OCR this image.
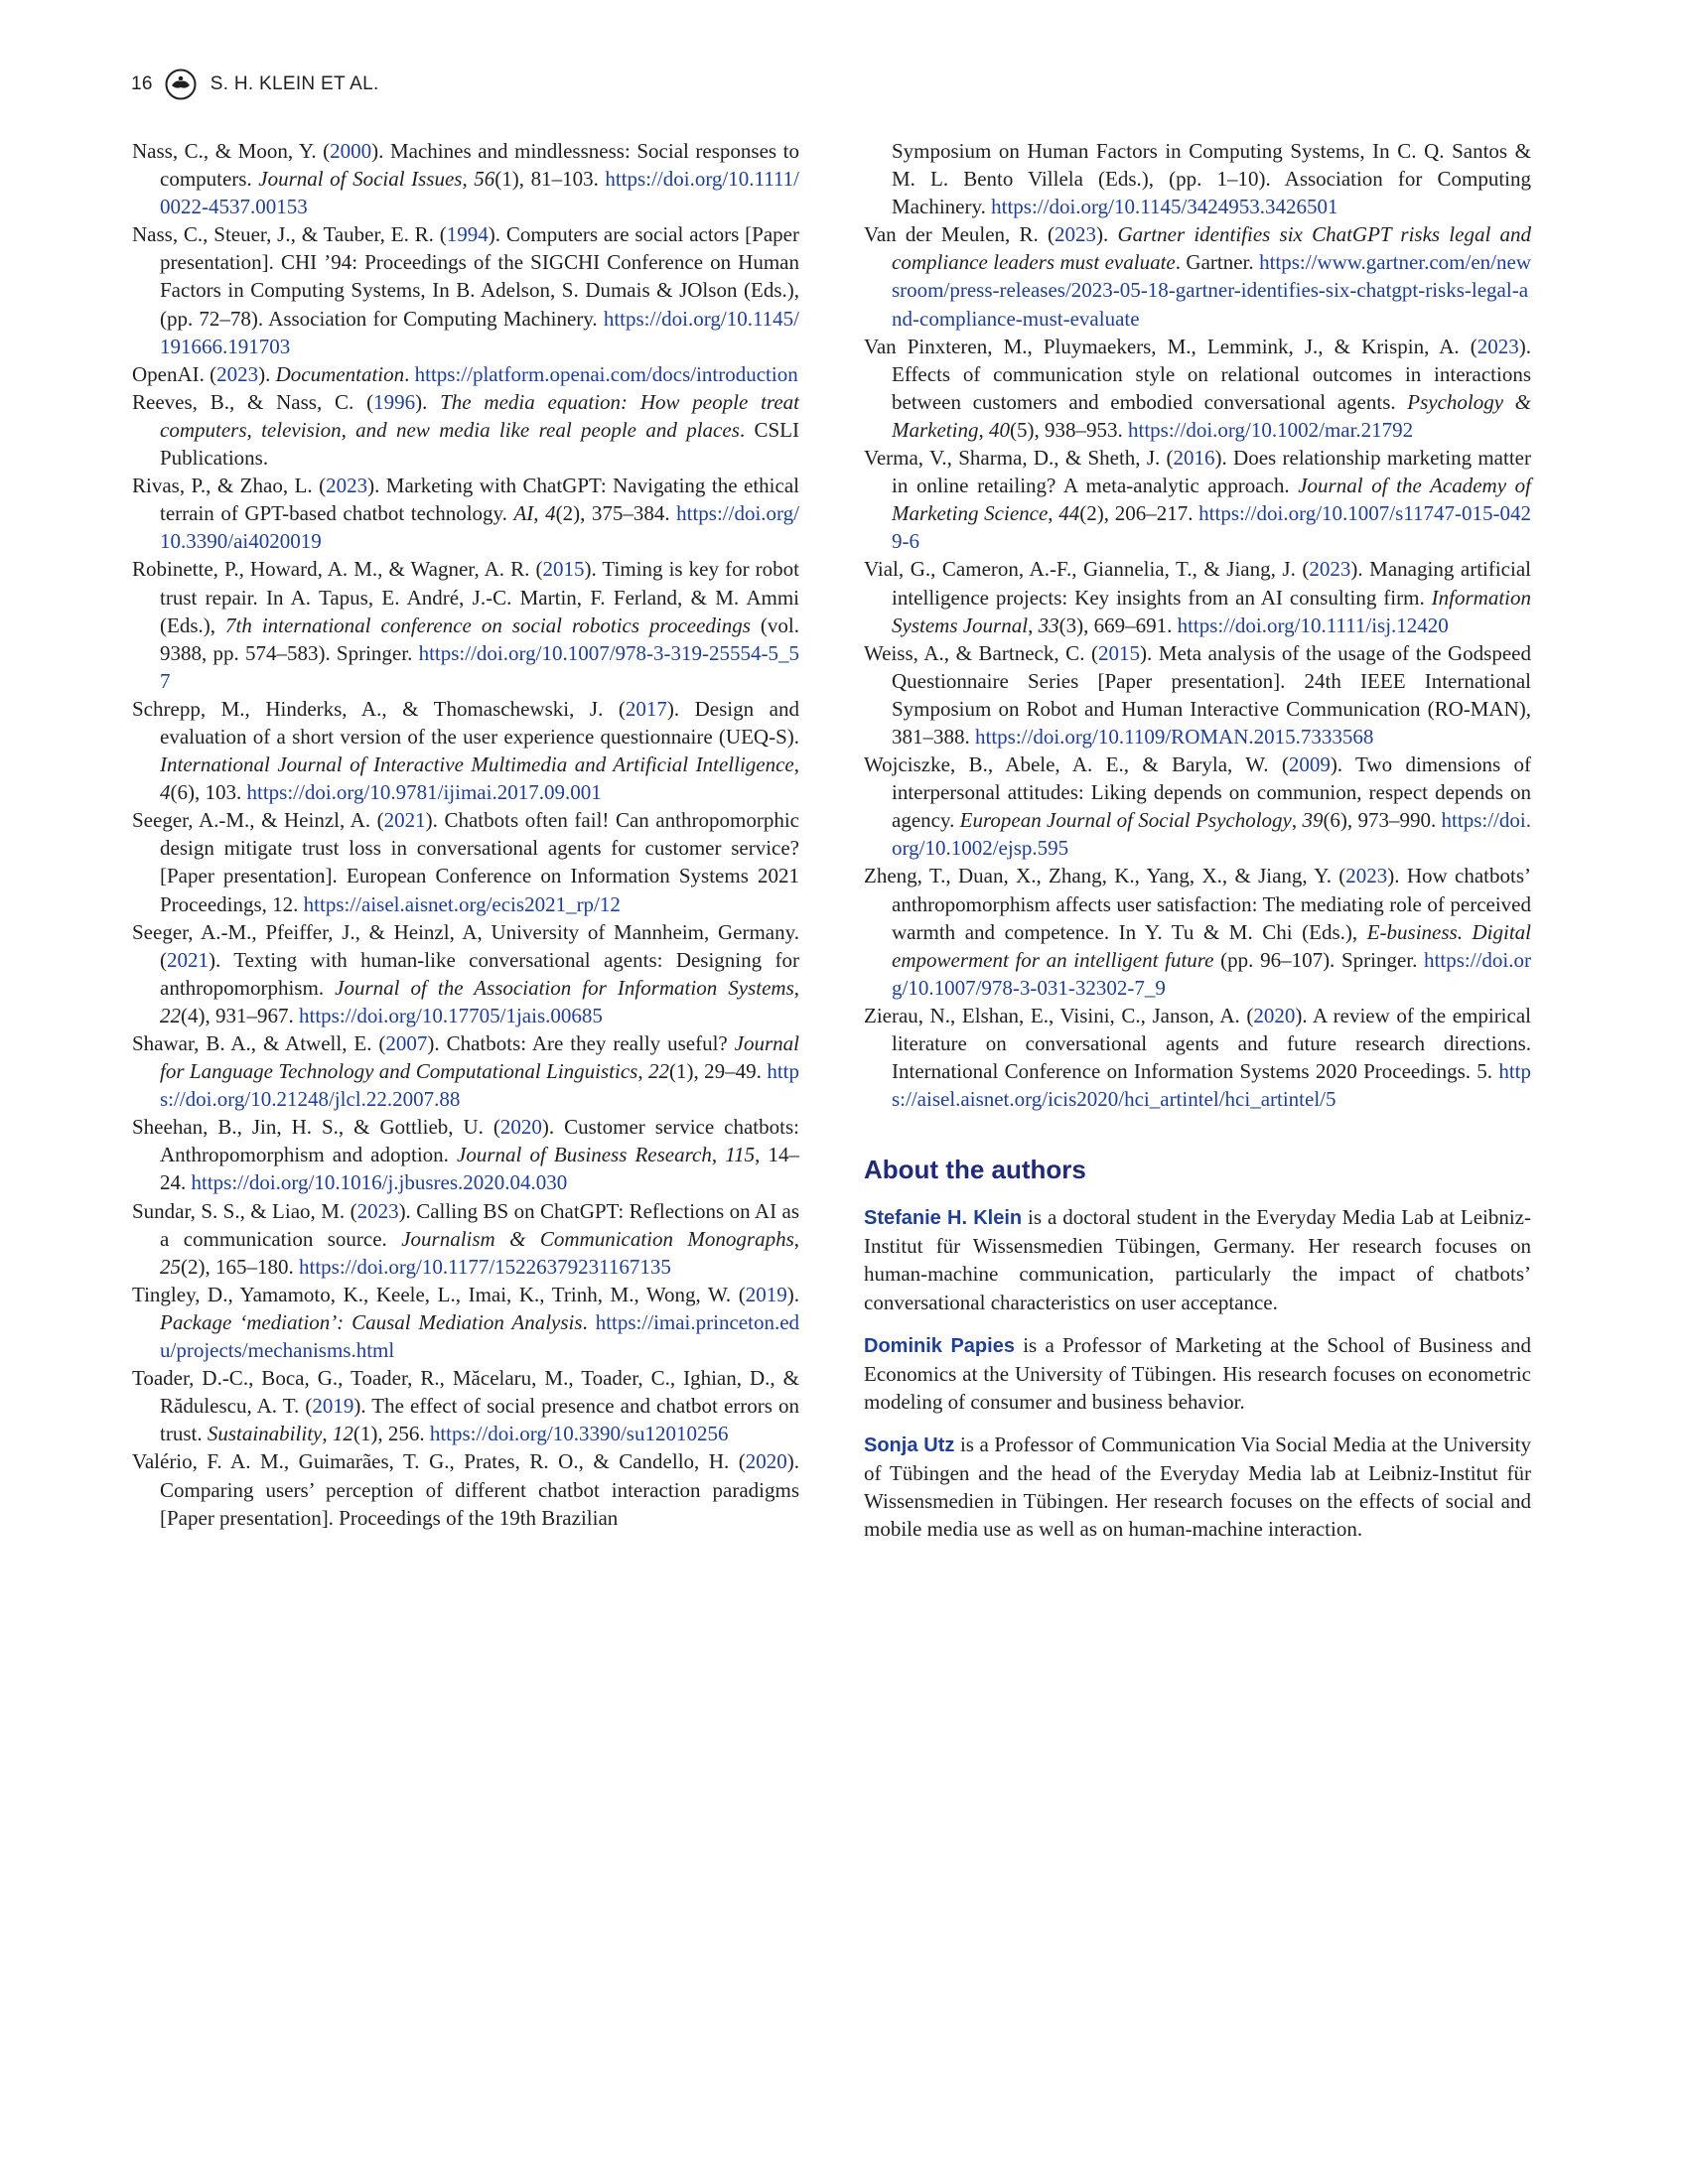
16	S. H. KLEIN ET AL.

Nass, C., & Moon, Y. (2000). Machines and mindlessness: Social responses to computers. Journal of Social Issues, 56(1), 81–103. https://doi.org/10.1111/0022-4537.00153

Nass, C., Steuer, J., & Tauber, E. R. (1994). Computers are social actors [Paper presentation]. CHI ’94: Proceedings of the SIGCHI Conference on Human Factors in Computing Systems, In B. Adelson, S. Dumais & JOlson (Eds.), (pp. 72–78). Association for Computing Machinery. https://doi.org/10.1145/191666.191703

OpenAI. (2023). Documentation. https://platform.openai.com/docs/introduction

Reeves, B., & Nass, C. (1996). The media equation: How people treat computers, television, and new media like real people and places. CSLI Publications.

Rivas, P., & Zhao, L. (2023). Marketing with ChatGPT: Navigating the ethical terrain of GPT-based chatbot technology. AI, 4(2), 375–384. https://doi.org/10.3390/ai4020019

Robinette, P., Howard, A. M., & Wagner, A. R. (2015). Timing is key for robot trust repair. In A. Tapus, E. André, J.-C. Martin, F. Ferland, & M. Ammi (Eds.), 7th international conference on social robotics proceedings (vol. 9388, pp. 574–583). Springer. https://doi.org/10.1007/978-3-319-25554-5_57

Schrepp, M., Hinderks, A., & Thomaschewski, J. (2017). Design and evaluation of a short version of the user experience questionnaire (UEQ-S). International Journal of Interactive Multimedia and Artificial Intelligence, 4(6), 103. https://doi.org/10.9781/ijimai.2017.09.001

Seeger, A.-M., & Heinzl, A. (2021). Chatbots often fail! Can anthropomorphic design mitigate trust loss in conversational agents for customer service? [Paper presentation]. European Conference on Information Systems 2021 Proceedings, 12. https://aisel.aisnet.org/ecis2021_rp/12

Seeger, A.-M., Pfeiffer, J., & Heinzl, A, University of Mannheim, Germany. (2021). Texting with human-like conversational agents: Designing for anthropomorphism. Journal of the Association for Information Systems, 22(4), 931–967. https://doi.org/10.17705/1jais.00685

Shawar, B. A., & Atwell, E. (2007). Chatbots: Are they really useful? Journal for Language Technology and Computational Linguistics, 22(1), 29–49. https://doi.org/10.21248/jlcl.22.2007.88

Sheehan, B., Jin, H. S., & Gottlieb, U. (2020). Customer service chatbots: Anthropomorphism and adoption. Journal of Business Research, 115, 14–24. https://doi.org/10.1016/j.jbusres.2020.04.030

Sundar, S. S., & Liao, M. (2023). Calling BS on ChatGPT: Reflections on AI as a communication source. Journalism & Communication Monographs, 25(2), 165–180. https://doi.org/10.1177/15226379231167135

Tingley, D., Yamamoto, K., Keele, L., Imai, K., Trinh, M., Wong, W. (2019). Package ‘mediation’: Causal Mediation Analysis. https://imai.princeton.edu/projects/mechanisms.html

Toader, D.-C., Boca, G., Toader, R., Măcelaru, M., Toader, C., Ighian, D., & Rădulescu, A. T. (2019). The effect of social presence and chatbot errors on trust. Sustainability, 12(1), 256. https://doi.org/10.3390/su12010256

Valério, F. A. M., Guimarães, T. G., Prates, R. O., & Candello, H. (2020). Comparing users’ perception of different chatbot interaction paradigms [Paper presentation]. Proceedings of the 19th Brazilian

Symposium on Human Factors in Computing Systems, In C. Q. Santos & M. L. Bento Villela (Eds.), (pp. 1–10). Association for Computing Machinery. https://doi.org/10.1145/3424953.3426501

Van der Meulen, R. (2023). Gartner identifies six ChatGPT risks legal and compliance leaders must evaluate. Gartner. https://www.gartner.com/en/newsroom/press-releases/2023-05-18-gartner-identifies-six-chatgpt-risks-legal-and-compliance-must-evaluate

Van Pinxteren, M., Pluymaekers, M., Lemmink, J., & Krispin, A. (2023). Effects of communication style on relational outcomes in interactions between customers and embodied conversational agents. Psychology & Marketing, 40(5), 938–953. https://doi.org/10.1002/mar.21792

Verma, V., Sharma, D., & Sheth, J. (2016). Does relationship marketing matter in online retailing? A meta-analytic approach. Journal of the Academy of Marketing Science, 44(2), 206–217. https://doi.org/10.1007/s11747-015-0429-6

Vial, G., Cameron, A.-F., Giannelia, T., & Jiang, J. (2023). Managing artificial intelligence projects: Key insights from an AI consulting firm. Information Systems Journal, 33(3), 669–691. https://doi.org/10.1111/isj.12420

Weiss, A., & Bartneck, C. (2015). Meta analysis of the usage of the Godspeed Questionnaire Series [Paper presentation]. 24th IEEE International Symposium on Robot and Human Interactive Communication (RO-MAN), 381–388. https://doi.org/10.1109/ROMAN.2015.7333568

Wojciszke, B., Abele, A. E., & Baryla, W. (2009). Two dimensions of interpersonal attitudes: Liking depends on communion, respect depends on agency. European Journal of Social Psychology, 39(6), 973–990. https://doi.org/10.1002/ejsp.595

Zheng, T., Duan, X., Zhang, K., Yang, X., & Jiang, Y. (2023). How chatbots’ anthropomorphism affects user satisfaction: The mediating role of perceived warmth and competence. In Y. Tu & M. Chi (Eds.), E-business. Digital empowerment for an intelligent future (pp. 96–107). Springer. https://doi.org/10.1007/978-3-031-32302-7_9

Zierau, N., Elshan, E., Visini, C., Janson, A. (2020). A review of the empirical literature on conversational agents and future research directions. International Conference on Information Systems 2020 Proceedings. 5. https://aisel.aisnet.org/icis2020/hci_artintel/hci_artintel/5

About the authors

Stefanie H. Klein is a doctoral student in the Everyday Media Lab at Leibniz-Institut für Wissensmedien Tübingen, Germany. Her research focuses on human-machine communication, particularly the impact of chatbots’ conversational characteristics on user acceptance.

Dominik Papies is a Professor of Marketing at the School of Business and Economics at the University of Tübingen. His research focuses on econometric modeling of consumer and business behavior.

Sonja Utz is a Professor of Communication Via Social Media at the University of Tübingen and the head of the Everyday Media lab at Leibniz-Institut für Wissensmedien in Tübingen. Her research focuses on the effects of social and mobile media use as well as on human-machine interaction.
